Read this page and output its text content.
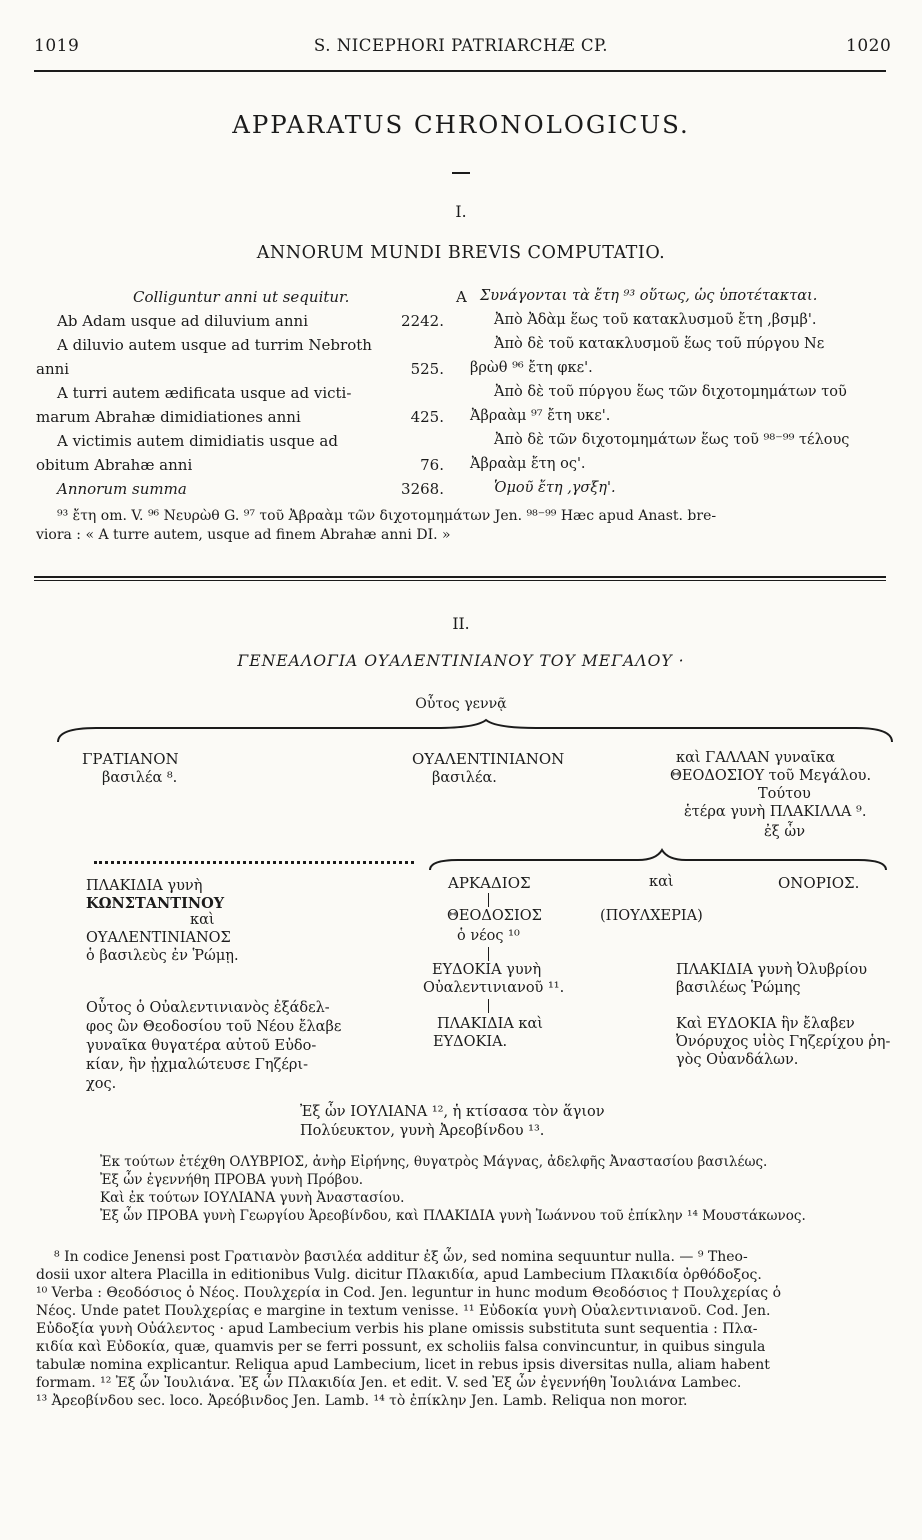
1019	S. NICEPHORI PATRIARCHÆ CP.	1020
APPARATUS CHRONOLOGICUS.
I.
ANNORUM MUNDI BREVIS COMPUTATIO.
Colliguntur anni ut sequitur.
Ab Adam usque ad diluvium anni	2242.
A diluvio autem usque ad turrim Nebroth
anni	525.
A turri autem ædificata usque ad victi-
marum Abrahæ dimidiationes anni	425.
A victimis autem dimidiatis usque ad
obitum Abrahæ anni	76.
Annorum summa	3268.
A Συνάγονται τὰ ἔτη ⁹³ οὕτως, ὡς ὑποτέτακται.
Ἀπὸ Ἀδὰμ ἕως τοῦ κατακλυσμοῦ ἔτη ‚βσμβ'.
Ἀπὸ δὲ τοῦ κατακλυσμοῦ ἕως τοῦ πύργου Νε
βρὼθ ⁹⁶ ἔτη φκε'.
Ἀπὸ δὲ τοῦ πύργου ἕως τῶν διχοτομημάτων τοῦ
Ἀβραὰμ ⁹⁷ ἔτη υκε'.
Ἀπὸ δὲ τῶν διχοτομημάτων ἕως τοῦ ⁹⁸⁻⁹⁹ τέλους
Ἀβραὰμ ἔτη ος'.
Ὁμοῦ ἔτη ‚γσξη'.
⁹³ ἔτη om. V. ⁹⁶ Νευρὼθ G. ⁹⁷ τοῦ Ἀβραὰμ τῶν διχοτομημάτων Jen. ⁹⁸⁻⁹⁹ Hæc apud Anast. bre-
viora : « A turre autem, usque ad finem Abrahæ anni DI. »
II.
ΓΕΝΕΑΛΟΓΙΑ ΟΥΑΛΕΝΤΙΝΙΑΝΟΥ ΤΟΥ ΜΕΓΑΛΟΥ ·
Οὗτος γεννᾷ
ΓΡΑΤΙΑΝΟΝ
βασιλέα ⁸.
ΟΥΑΛΕΝΤΙΝΙΑΝΟΝ
βασιλέα.
καὶ ΓΑΛΛΑΝ γυναῖκα
ΘΕΟΔΟΣΙΟΥ τοῦ Μεγάλου.
Τούτου
ἑτέρα γυνὴ ΠΛΑΚΙΛΛΑ ⁹.
ἐξ ὧν
ΠΛΑΚΙΔΙΑ γυνὴ
ΚΩΝΣΤΑΝΤΙΝΟΥ
καὶ
ΟΥΑΛΕΝΤΙΝΙΑΝΟΣ
ὁ βασιλεὺς ἐν Ῥώμῃ.
Οὗτος ὁ Οὐαλεντινιανὸς ἐξάδελ-
φος ὢν Θεοδοσίου τοῦ Νέου ἔλαβε
γυναῖκα θυγατέρα αὐτοῦ Εὐδο-
κίαν, ἣν ᾐχμαλώτευσε Γηζέρι-
χος.
ΑΡΚΑΔΙΟΣ	καὶ	ΟΝΟΡΙΟΣ.
ΘΕΟΔΟΣΙΟΣ
ὁ νέος ¹⁰
(ΠΟΥΛΧΕΡΙΑ)
ΕΥΔΟΚΙΑ γυνὴ
Οὐαλεντινιανοῦ ¹¹.
ΠΛΑΚΙΔΙΑ καὶ
ΕΥΔΟΚΙΑ.
ΠΛΑΚΙΔΙΑ γυνὴ Ὀλυβρίου
βασιλέως Ῥώμης
Καὶ ΕΥΔΟΚΙΑ ἣν ἔλαβεν
Ὀνόρυχος υἱὸς Γηζερίχου ῥη-
γὸς Οὐανδάλων.
Ἐξ ὧν ΙΟΥΛΙΑΝΑ ¹², ἡ κτίσασα τὸν ἅγιον
Πολύευκτον, γυνὴ Ἀρεοβίνδου ¹³.
Ἐκ τούτων ἐτέχθη ΟΛΥΒΡΙΟΣ, ἀνὴρ Εἰρήνης, θυγατρὸς Μάγνας, ἀδελφῆς Ἀναστασίου βασιλέως.
Ἐξ ὧν ἐγεννήθη ΠΡΟΒΑ γυνὴ Πρόβου.
Καὶ ἐκ τούτων ΙΟΥΛΙΑΝΑ γυνὴ Ἀναστασίου.
Ἐξ ὧν ΠΡΟΒΑ γυνὴ Γεωργίου Ἀρεοβίνδου, καὶ ΠΛΑΚΙΔΙΑ γυνὴ Ἰωάννου τοῦ ἐπίκλην ¹⁴ Μουστάκωνος.
⁸ In codice Jenensi post Γρατιανὸν βασιλέα additur ἐξ ὧν, sed nomina sequuntur nulla. — ⁹ Theo-
dosii uxor altera Placilla in editionibus Vulg. dicitur Πλακιδία, apud Lambecium Πλακιδία ὀρθόδοξος.
¹⁰ Verba : Θεοδόσιος ὁ Νέος. Πουλχερία in Cod. Jen. leguntur in hunc modum Θεοδόσιος † Πουλχερίας ὁ
Νέος. Unde patet Πουλχερίας e margine in textum venisse. ¹¹ Εὐδοκία γυνὴ Οὐαλεντινιανοῦ. Cod. Jen.
Εὐδοξία γυνὴ Οὐάλεντος · apud Lambecium verbis his plane omissis substituta sunt sequentia : Πλα-
κιδία καὶ Εὐδοκία, quæ, quamvis per se ferri possunt, ex scholiis falsa convincuntur, in quibus singula
tabulæ nomina explicantur. Reliqua apud Lambecium, licet in rebus ipsis diversitas nulla, aliam habent
formam. ¹² Ἐξ ὧν Ἰουλιάνα. Ἐξ ὧν Πλακιδία Jen. et edit. V. sed Ἐξ ὧν ἐγεννήθη Ἰουλιάνα Lambec.
¹³ Ἀρεοβίνδου sec. loco. Ἀρεόβινδος Jen. Lamb. ¹⁴ τὸ ἐπίκλην Jen. Lamb. Reliqua non moror.
